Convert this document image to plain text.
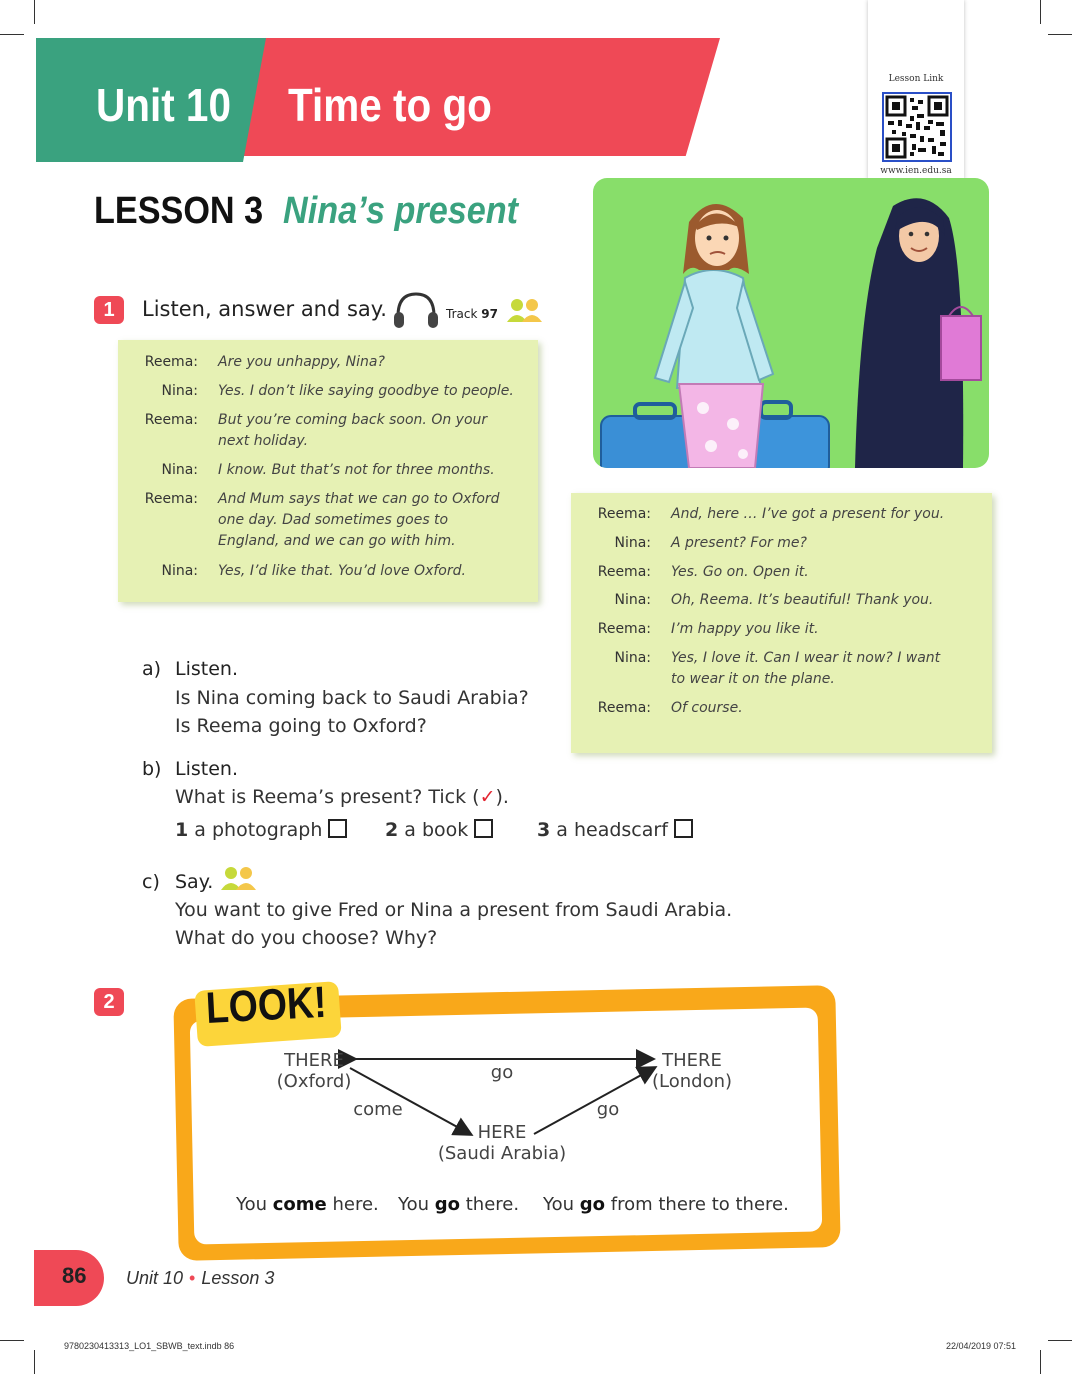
Unit 10 Time to go	Lesson Link
www.ien.edu.sa
LESSON 3 Nina’s present
1	Listen, answer and say.	Track 97
Reema: Are you unhappy, Nina?
Nina: Yes. I don’t like saying goodbye to people.
Reema: But you’re coming back soon. On your next holiday.
Nina: I know. But that’s not for three months.
Reema: And Mum says that we can go to Oxford one day. Dad sometimes goes to England, and we can go with him.
Nina: Yes, I’d like that. You’d love Oxford.
Reema: And, here … I’ve got a present for you.
Nina: A present? For me?
Reema: Yes. Go on. Open it.
Nina: Oh, Reema. It’s beautiful! Thank you.
Reema: I’m happy you like it.
Nina: Yes, I love it. Can I wear it now? I want to wear it on the plane.
Reema: Of course.
a) Listen.
Is Nina coming back to Saudi Arabia?
Is Reema going to Oxford?
b) Listen.
What is Reema’s present? Tick (✓).
1 a photograph	2 a book	3 a headscarf
c) Say.
You want to give Fred or Nina a present from Saudi Arabia.
What do you choose? Why?
2 LOOK!
THERE
(Oxford)
THERE
(London)
HERE
(Saudi Arabia)
go
come	go
You come here. You go there. You go from there to there.
86 Unit 10 • Lesson 3
9780230413313_LO1_SBWB_text.indb 86	22/04/2019 07:51
